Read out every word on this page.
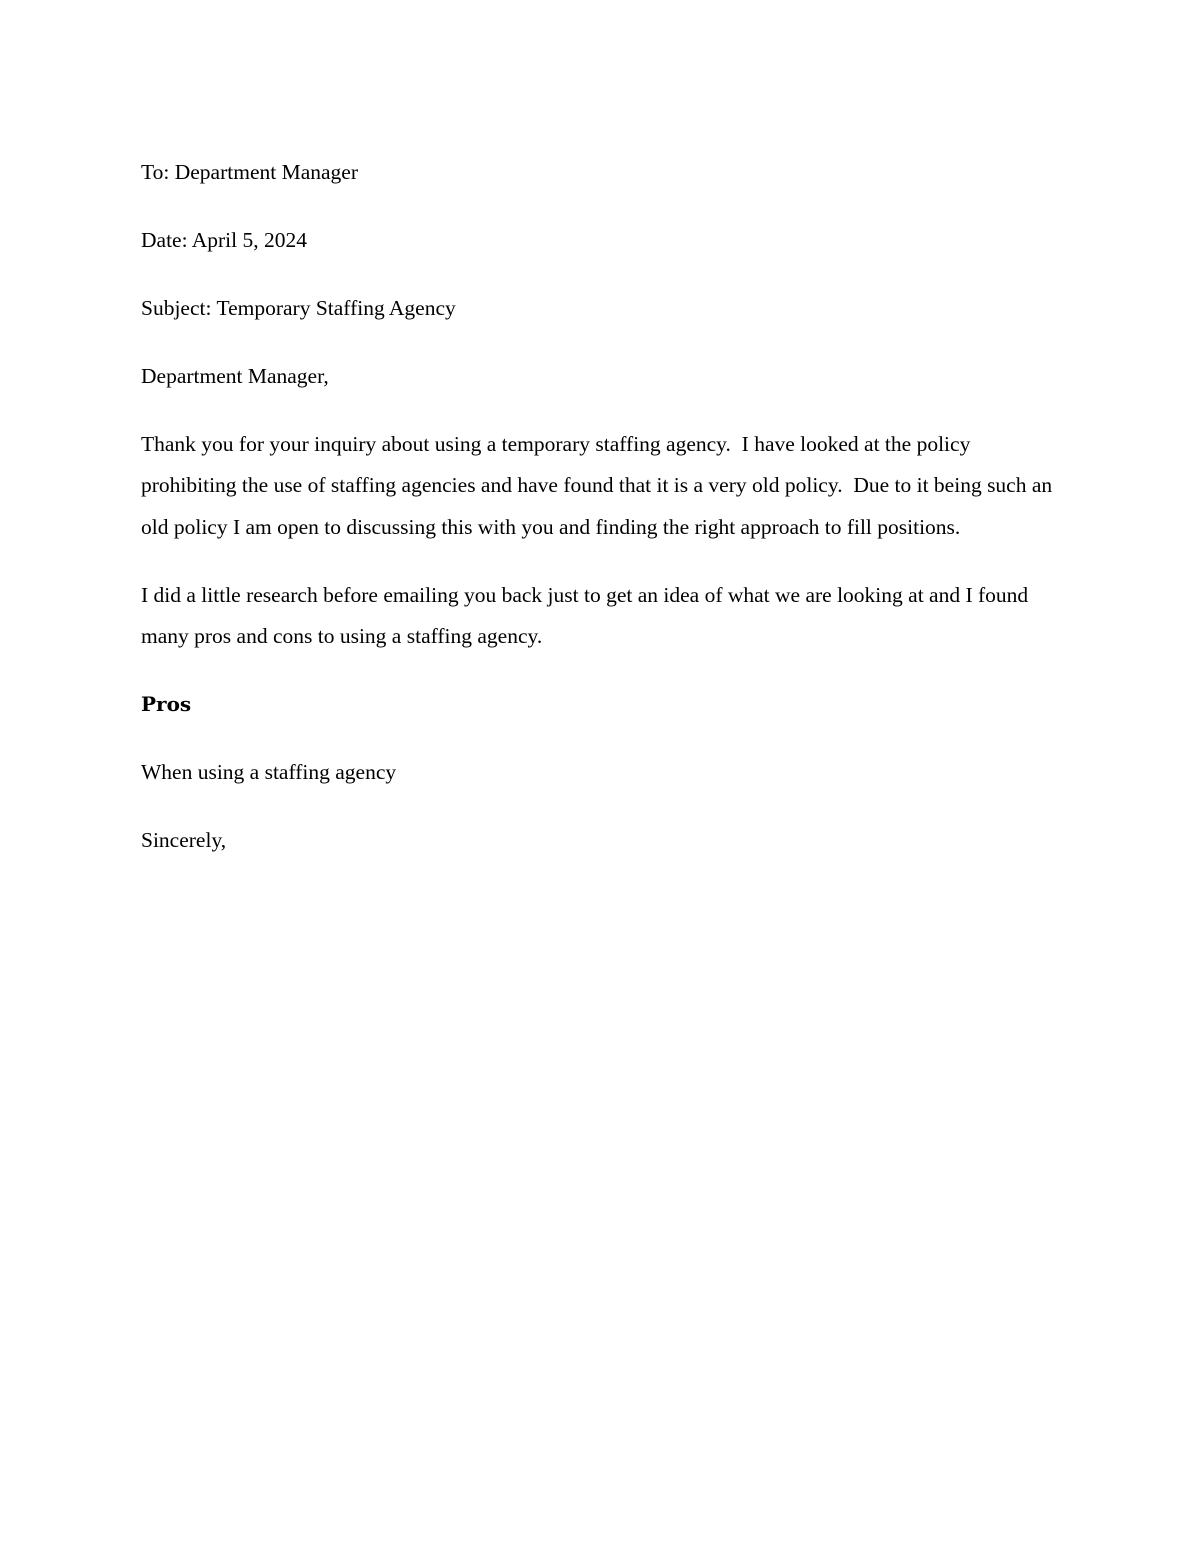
To: Department Manager

Date: April 5, 2024

Subject: Temporary Staffing Agency

Department Manager,

Thank you for your inquiry about using a temporary staffing agency.  I have looked at the policy prohibiting the use of staffing agencies and have found that it is a very old policy.  Due to it being such an old policy I am open to discussing this with you and finding the right approach to fill positions.

I did a little research before emailing you back just to get an idea of what we are looking at and I found many pros and cons to using a staffing agency.

Pros

When using a staffing agency

Sincerely,
